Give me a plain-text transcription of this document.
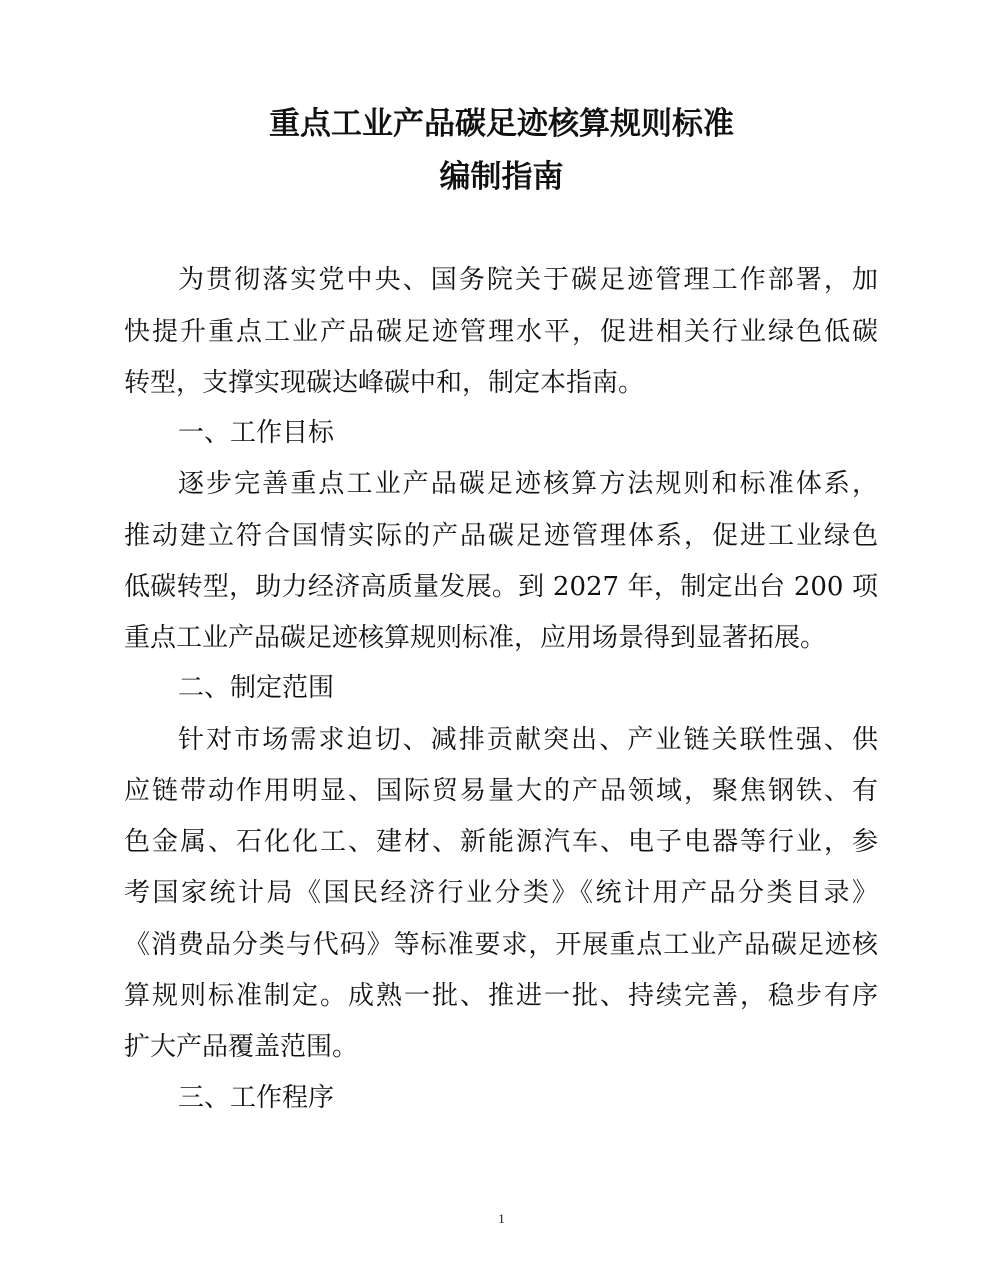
重点工业产品碳足迹核算规则标准
编制指南
为贯彻落实党中央、国务院关于碳足迹管理工作部署，加
快提升重点工业产品碳足迹管理水平，促进相关行业绿色低碳
转型，支撑实现碳达峰碳中和，制定本指南。
一、工作目标
逐步完善重点工业产品碳足迹核算方法规则和标准体系，
推动建立符合国情实际的产品碳足迹管理体系，促进工业绿色
低碳转型，助力经济高质量发展。到 2027 年，制定出台 200 项
重点工业产品碳足迹核算规则标准，应用场景得到显著拓展。
二、制定范围
针对市场需求迫切、减排贡献突出、产业链关联性强、供
应链带动作用明显、国际贸易量大的产品领域，聚焦钢铁、有
色金属、石化化工、建材、新能源汽车、电子电器等行业，参
考国家统计局《国民经济行业分类》《统计用产品分类目录》
《消费品分类与代码》等标准要求，开展重点工业产品碳足迹核
算规则标准制定。成熟一批、推进一批、持续完善，稳步有序
扩大产品覆盖范围。
三、工作程序
1
